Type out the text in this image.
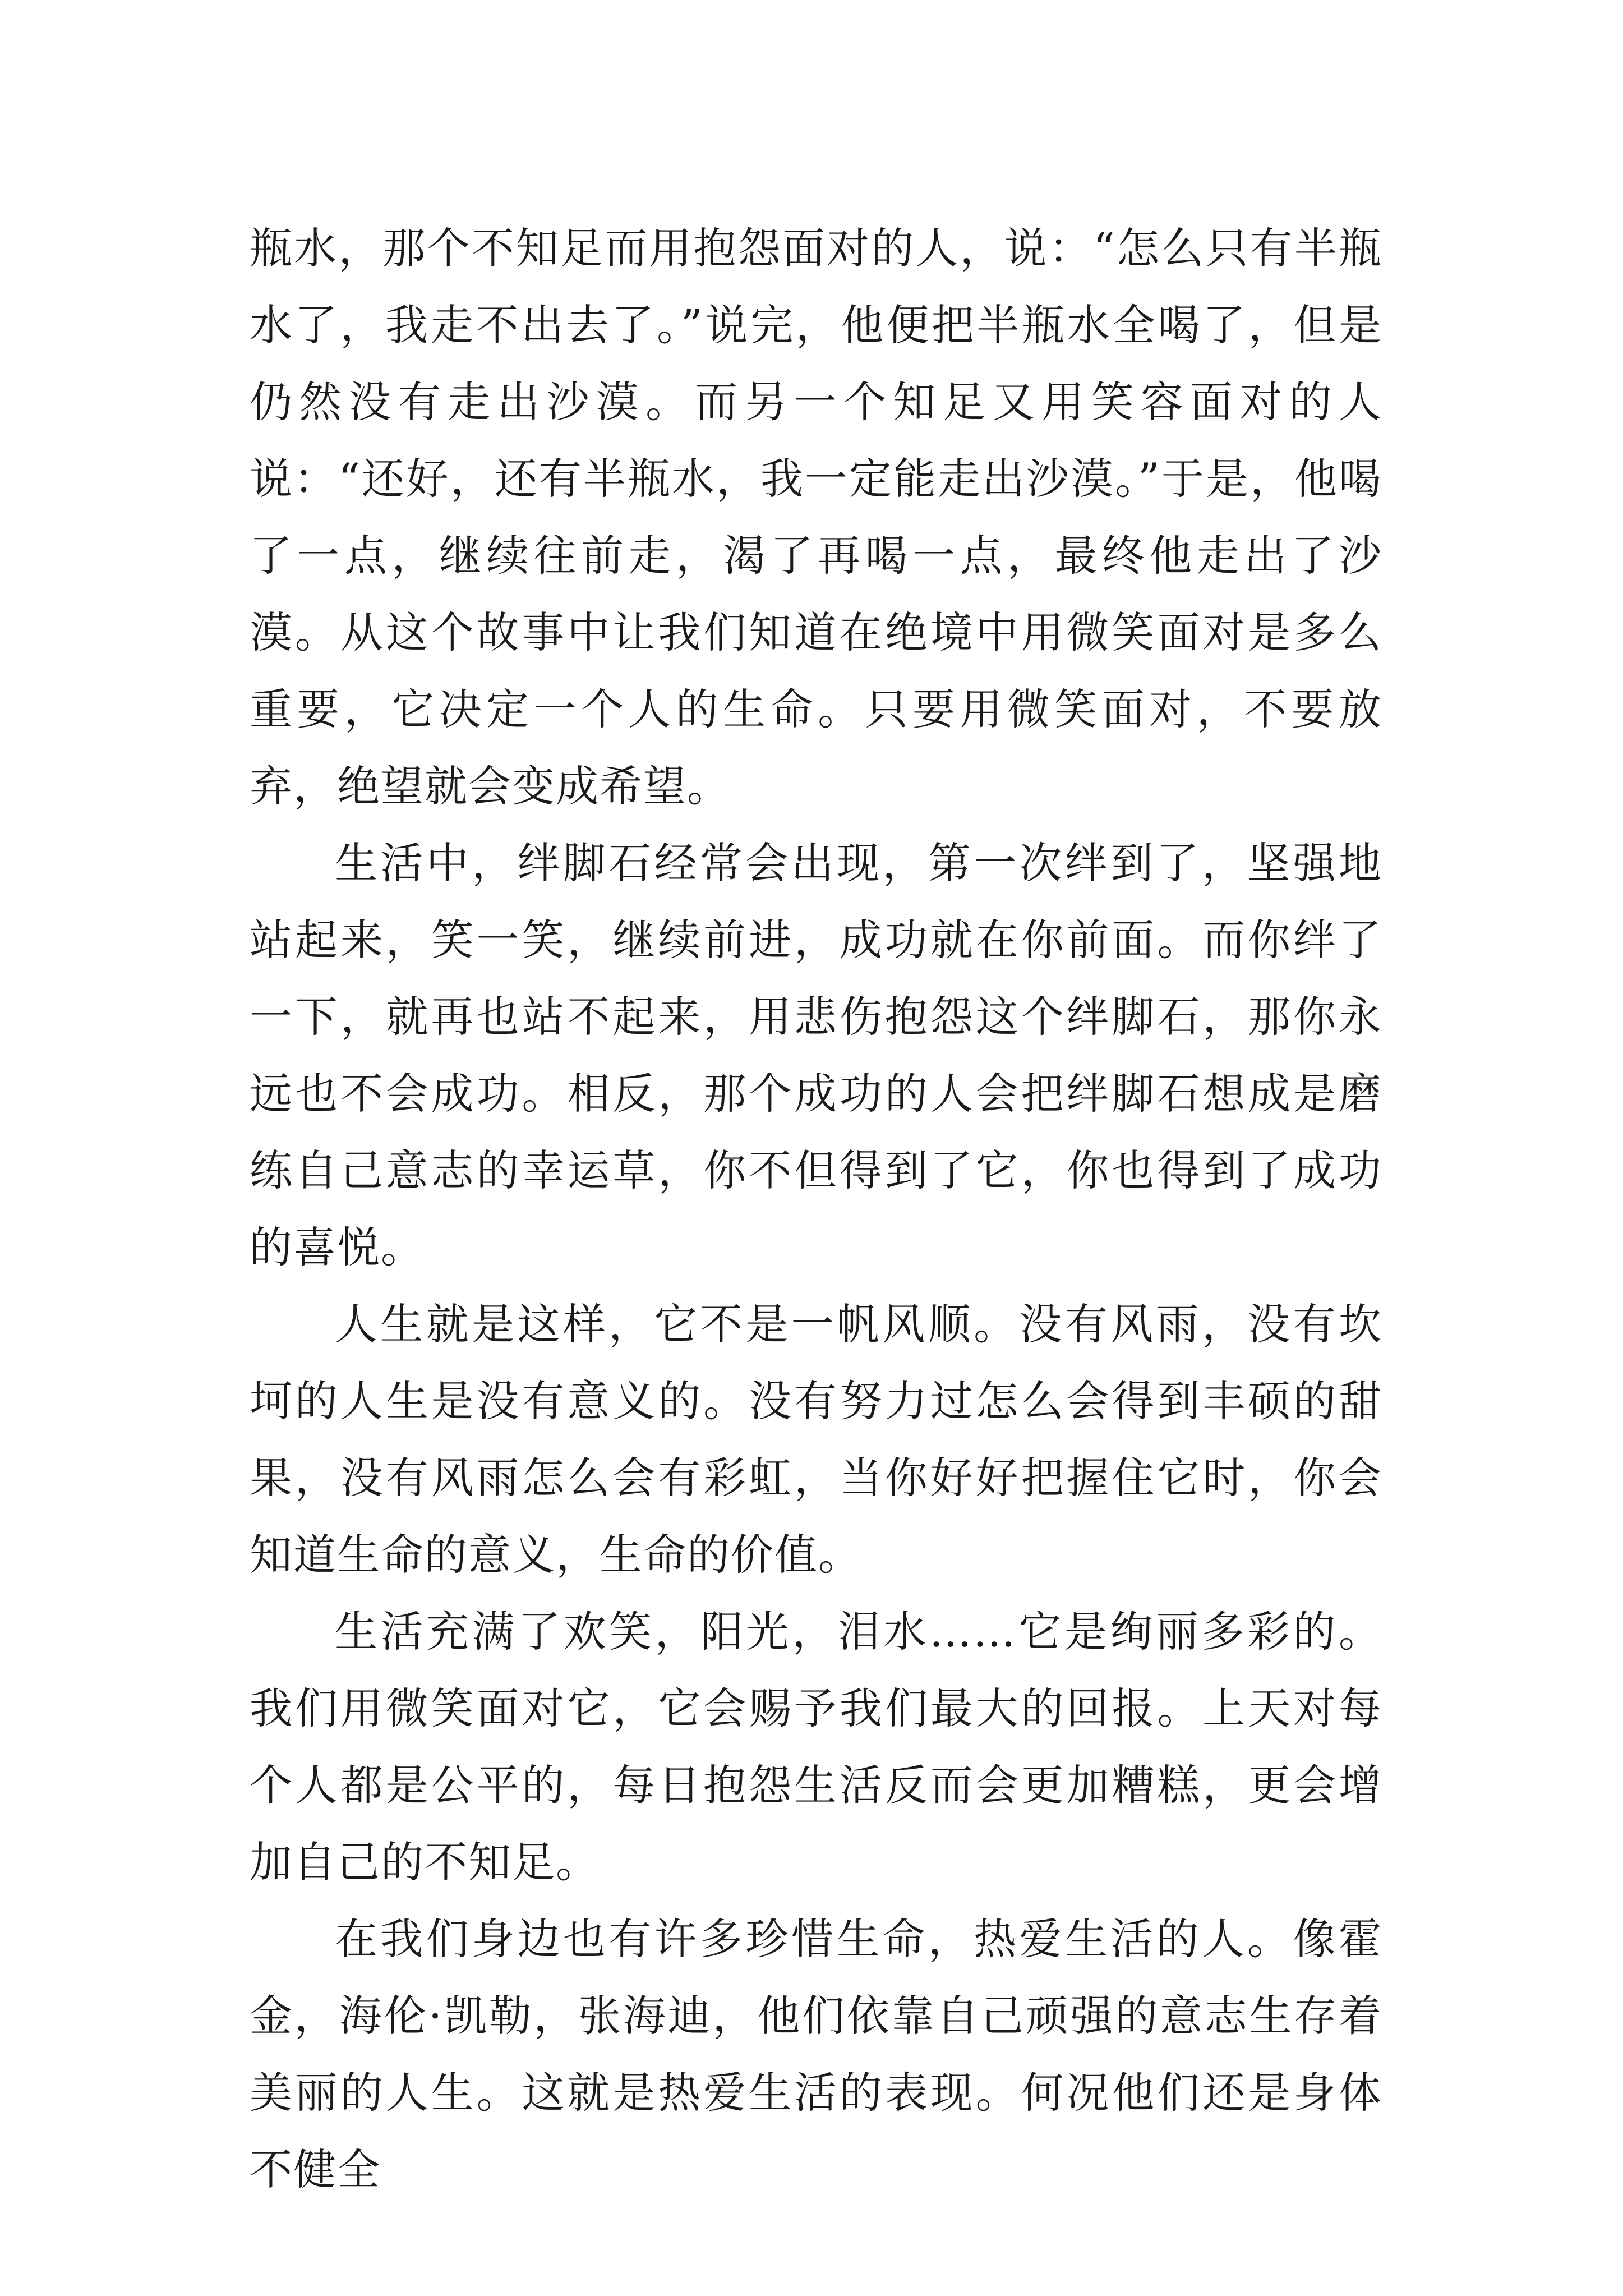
瓶水，那个不知足而用抱怨面对的人，说：“怎么只有半瓶水了，我走不出去了。”说完，他便把半瓶水全喝了，但是仍然没有走出沙漠。而另一个知足又用笑容面对的人说：“还好，还有半瓶水，我一定能走出沙漠。”于是，他喝了一点，继续往前走，渴了再喝一点，最终他走出了沙漠。从这个故事中让我们知道在绝境中用微笑面对是多么重要，它决定一个人的生命。只要用微笑面对，不要放弃，绝望就会变成希望。

生活中，绊脚石经常会出现，第一次绊到了，坚强地站起来，笑一笑，继续前进，成功就在你前面。而你绊了一下，就再也站不起来，用悲伤抱怨这个绊脚石，那你永远也不会成功。相反，那个成功的人会把绊脚石想成是磨练自己意志的幸运草，你不但得到了它，你也得到了成功的喜悦。

人生就是这样，它不是一帆风顺。没有风雨，没有坎坷的人生是没有意义的。没有努力过怎么会得到丰硕的甜果，没有风雨怎么会有彩虹，当你好好把握住它时，你会知道生命的意义，生命的价值。

生活充满了欢笑，阳光，泪水……它是绚丽多彩的。我们用微笑面对它，它会赐予我们最大的回报。上天对每个人都是公平的，每日抱怨生活反而会更加糟糕，更会增加自己的不知足。

在我们身边也有许多珍惜生命，热爱生活的人。像霍金，海伦·凯勒，张海迪，他们依靠自己顽强的意志生存着美丽的人生。这就是热爱生活的表现。何况他们还是身体不健全
